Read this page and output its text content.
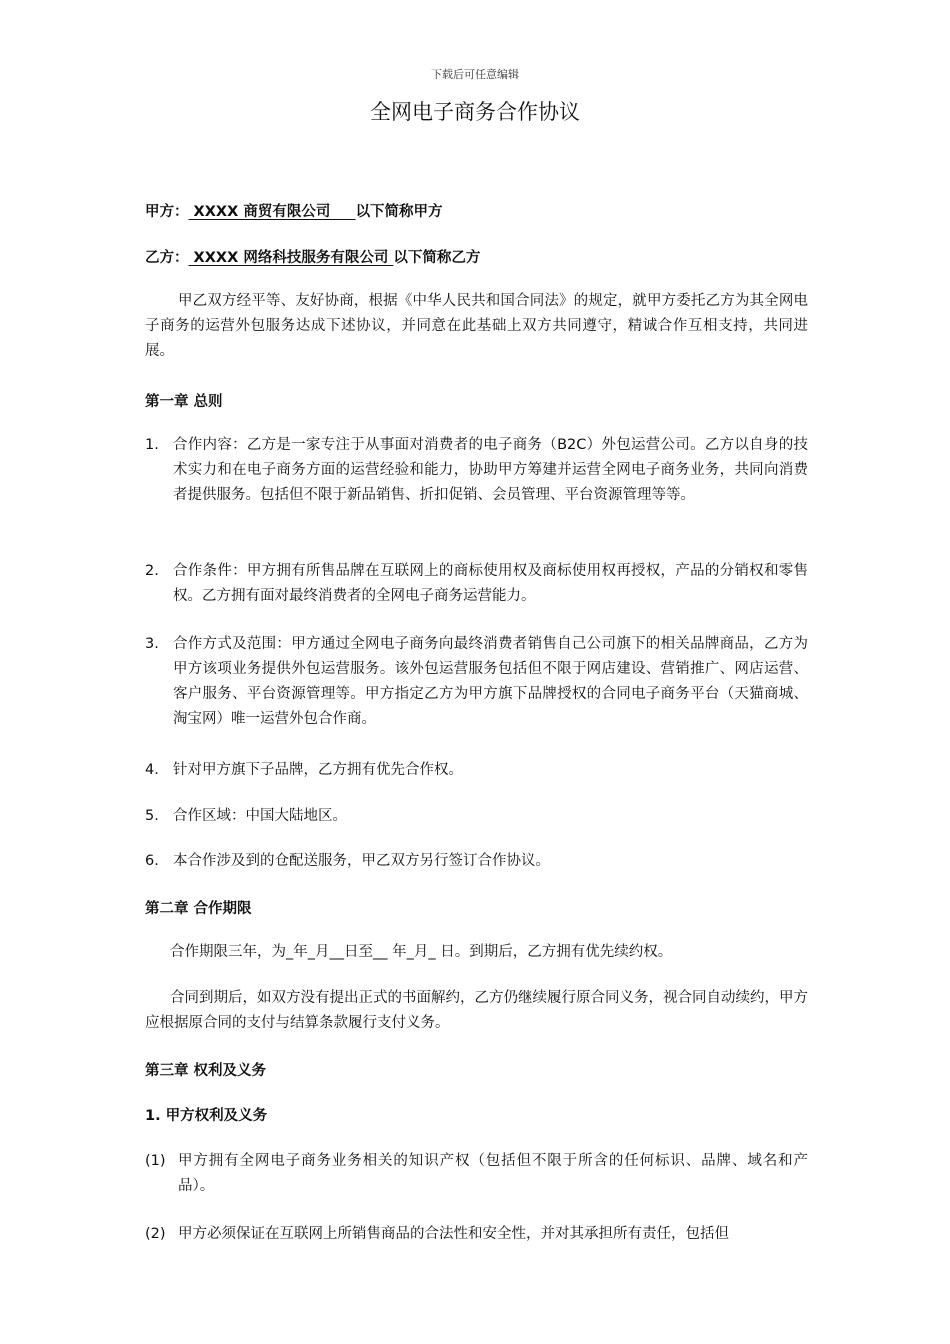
下载后可任意编辑
全网电子商务合作协议
甲方： XXXX 商贸有限公司     以下简称甲方
乙方： XXXX 网络科技服务有限公司 以下简称乙方

甲乙双方经平等、友好协商，根据《中华人民共和国合同法》的规定，就甲方委托乙方为其全网电子商务的运营外包服务达成下述协议，并同意在此基础上双方共同遵守，精诚合作互相支持，共同进展。

第一章 总则
1. 合作内容：乙方是一家专注于从事面对消费者的电子商务（B2C）外包运营公司。乙方以自身的技术实力和在电子商务方面的运营经验和能力，协助甲方筹建并运营全网电子商务业务，共同向消费者提供服务。包括但不限于新品销售、折扣促销、会员管理、平台资源管理等等。
2. 合作条件：甲方拥有所售品牌在互联网上的商标使用权及商标使用权再授权，产品的分销权和零售权。乙方拥有面对最终消费者的全网电子商务运营能力。
3. 合作方式及范围：甲方通过全网电子商务向最终消费者销售自己公司旗下的相关品牌商品，乙方为甲方该项业务提供外包运营服务。该外包运营服务包括但不限于网店建设、营销推广、网店运营、客户服务、平台资源管理等。甲方指定乙方为甲方旗下品牌授权的合同电子商务平台（天猫商城、淘宝网）唯一运营外包合作商。
4. 针对甲方旗下子品牌，乙方拥有优先合作权。
5. 合作区域：中国大陆地区。
6. 本合作涉及到的仓配送服务，甲乙双方另行签订合作协议。
第二章 合作期限

合作期限三年，为_年_月__日至__ 年_月_ 日。到期后，乙方拥有优先续约权。

合同到期后，如双方没有提出正式的书面解约，乙方仍继续履行原合同义务，视合同自动续约，甲方应根据原合同的支付与结算条款履行支付义务。

第三章 权利及义务
1. 甲方权利及义务
(1) 甲方拥有全网电子商务业务相关的知识产权（包括但不限于所含的任何标识、品牌、域名和产品）。
(2) 甲方必须保证在互联网上所销售商品的合法性和安全性，并对其承担所有责任，包括但
